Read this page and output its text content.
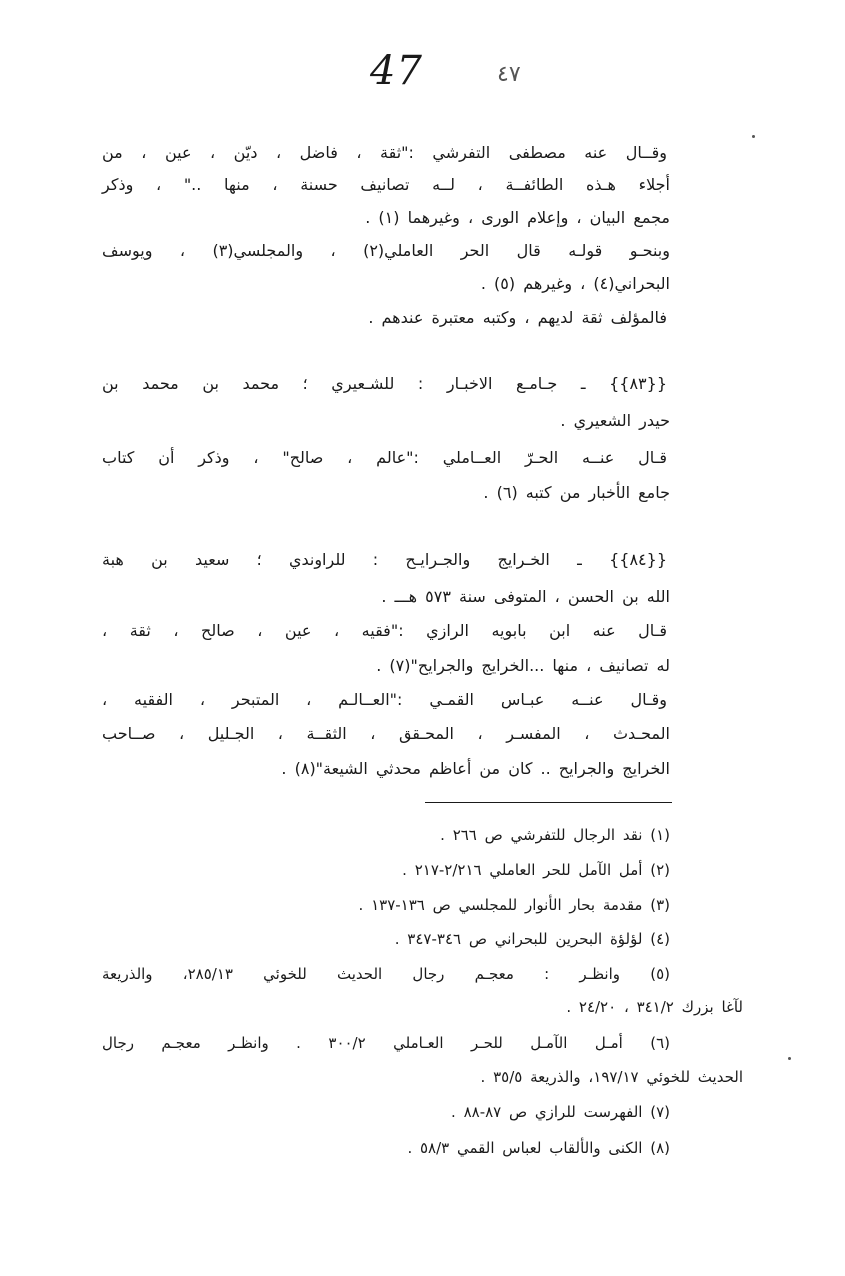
47	٤٧
وقــال عنه مصطفى التفرشي :"ثقة ، فاضل ، ديّن ، عين ، من
أجلاء هـذه الطائفــة ، لــه تصانيف حسنة ، منها .." ، وذكر
مجمع البيان ، وإعلام الورى ، وغيرهما (١) .
وبنحـو قولـه قال الحر العاملي(٢) ، والمجلسي(٣) ، ويوسف
البحراني(٤) ، وغيرهم (٥) .
فالمؤلف ثقة لديهم ، وكتبه معتبرة عندهم .
{{٨٣}} ـ جـامـع الاخبـار : للشـعيري ؛ محمد بن محمد بن
حيدر الشعيري .
قـال عنــه الحـرّ العــاملي :"عالم ، صالح" ، وذكر أن كتاب
جامع الأخبار من كتبه (٦) .
{{٨٤}} ـ الخـرايج والجـرايـح : للراوندي ؛ سعيد بن هبة
الله بن الحسن ، المتوفى سنة ٥٧٣ هـــ .
قـال عنه ابن بابويه الرازي :"فقيه ، عين ، صالح ، ثقة ،
له تصانيف ، منها ...الخرايج والجرايح"(٧) .
وقـال عنــه عبـاس القمـي :"العــالـم ، المتبحر ، الفقيه ،
المحـدث ، المفسـر ، المحـقق ، الثقــة ، الجـليل ، صــاحب
الخرايج والجرايح .. كان من أعاظم محدثي الشيعة"(٨) .
(١) نقد الرجال للتفرشي ص ٢٦٦ .
(٢) أمل الآمل للحر العاملي ٢/٢١٦-٢١٧ .
(٣) مقدمة بحار الأنوار للمجلسي ص ١٣٦-١٣٧ .
(٤) لؤلؤة البحرين للبحراني ص ٣٤٦-٣٤٧ .
(٥) وانظـر : معجـم رجال الحديث للخوئي ٢٨٥/١٣، والذريعة
لآغا بزرك ٣٤١/٢ ، ٢٤/٢٠ .
(٦) أمـل الآمـل للحـر العـاملي ٣٠٠/٢ . وانظـر معجـم رجال
الحديث للخوئي ١٩٧/١٧، والذريعة ٣٥/٥ .
(٧) الفهرست للرازي ص ٨٧-٨٨ .
(٨) الكنى والألقاب لعباس القمي ٥٨/٣ .
